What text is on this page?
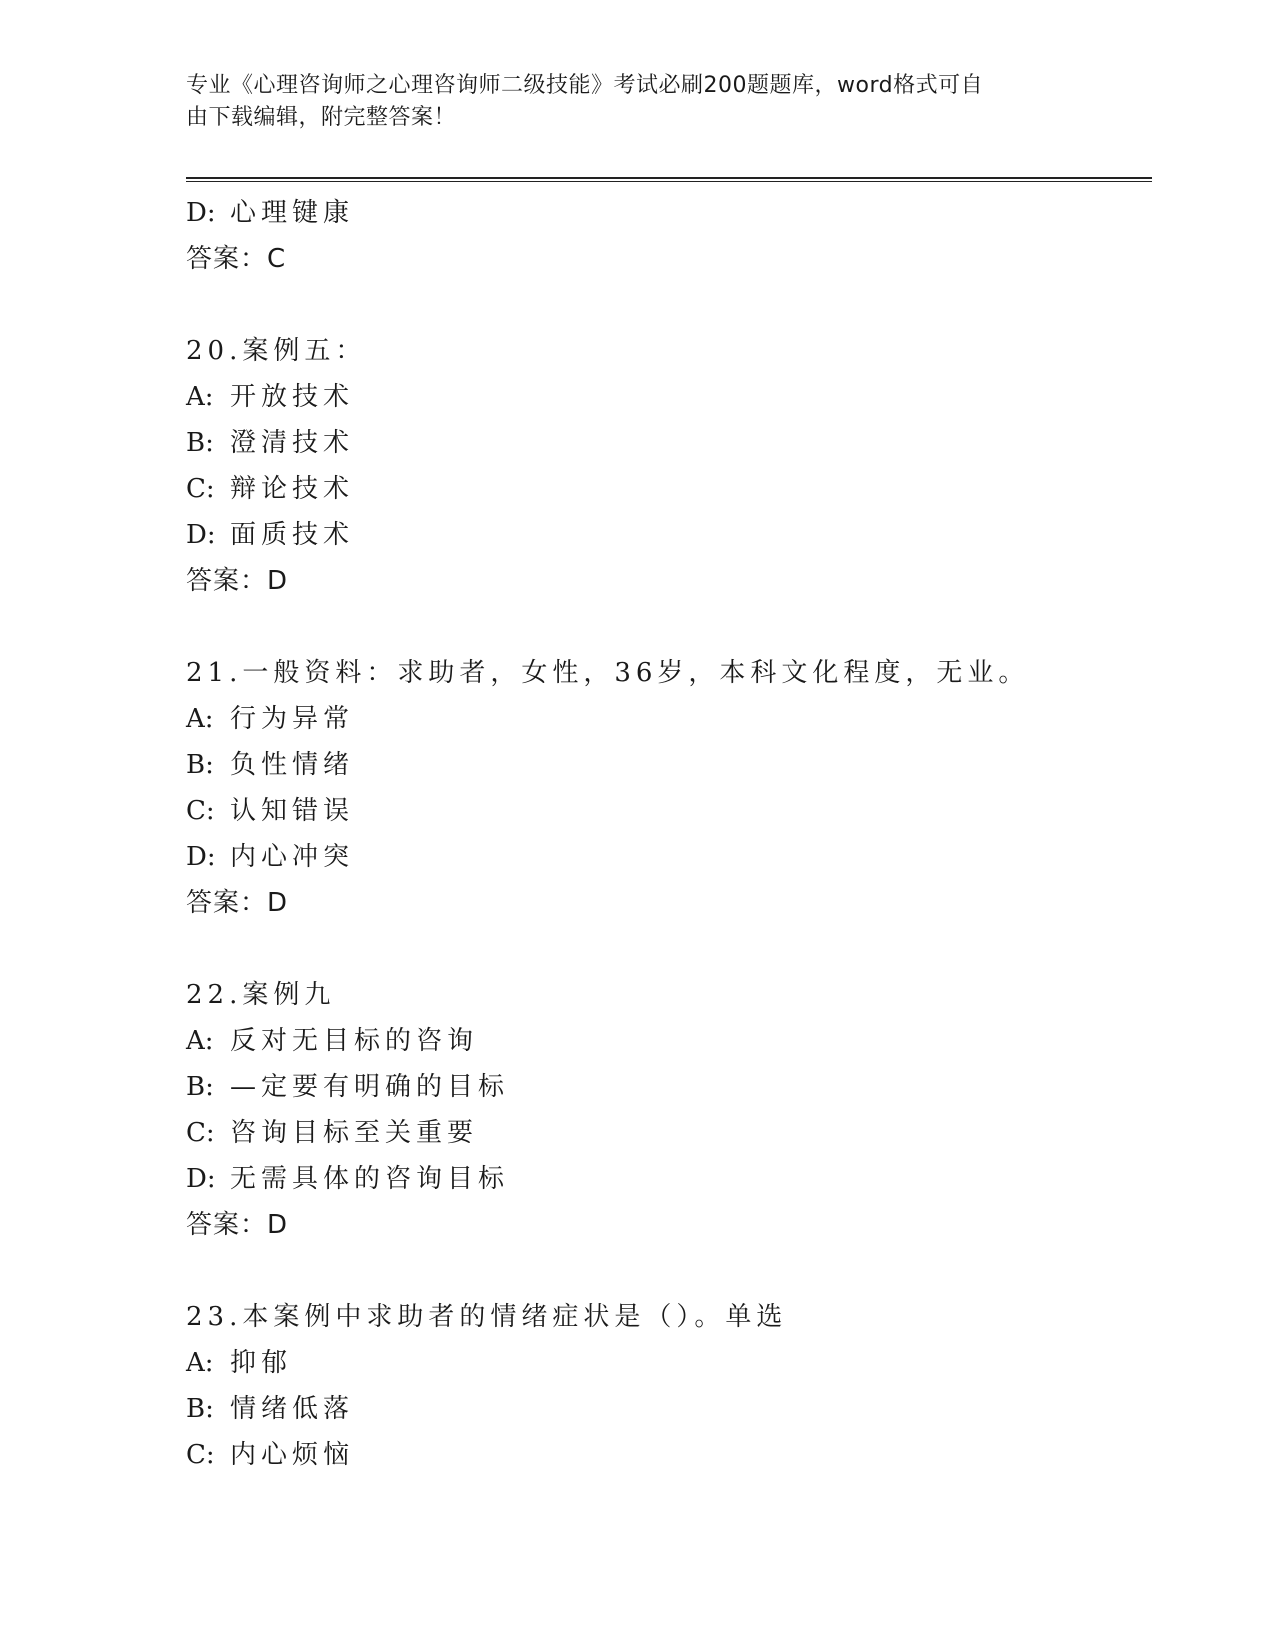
专业《心理咨询师之心理咨询师二级技能》考试必刷200题题库，word格式可自
由下载编辑，附完整答案！
D: 心理键康
答案：C
20.案例五：
A: 开放技术
B: 澄清技术
C: 辩论技术
D: 面质技术
答案：D
21.一般资料：求助者，女性，36岁，本科文化程度，无业。
A: 行为异常
B: 负性情绪
C: 认知错误
D: 内心冲突
答案：D
22.案例九
A: 反对无目标的咨询
B: —定要有明确的目标
C: 咨询目标至关重要
D: 无需具体的咨询目标
答案：D
23.本案例中求助者的情绪症状是（）。单选
A: 抑郁
B: 情绪低落
C: 内心烦恼
